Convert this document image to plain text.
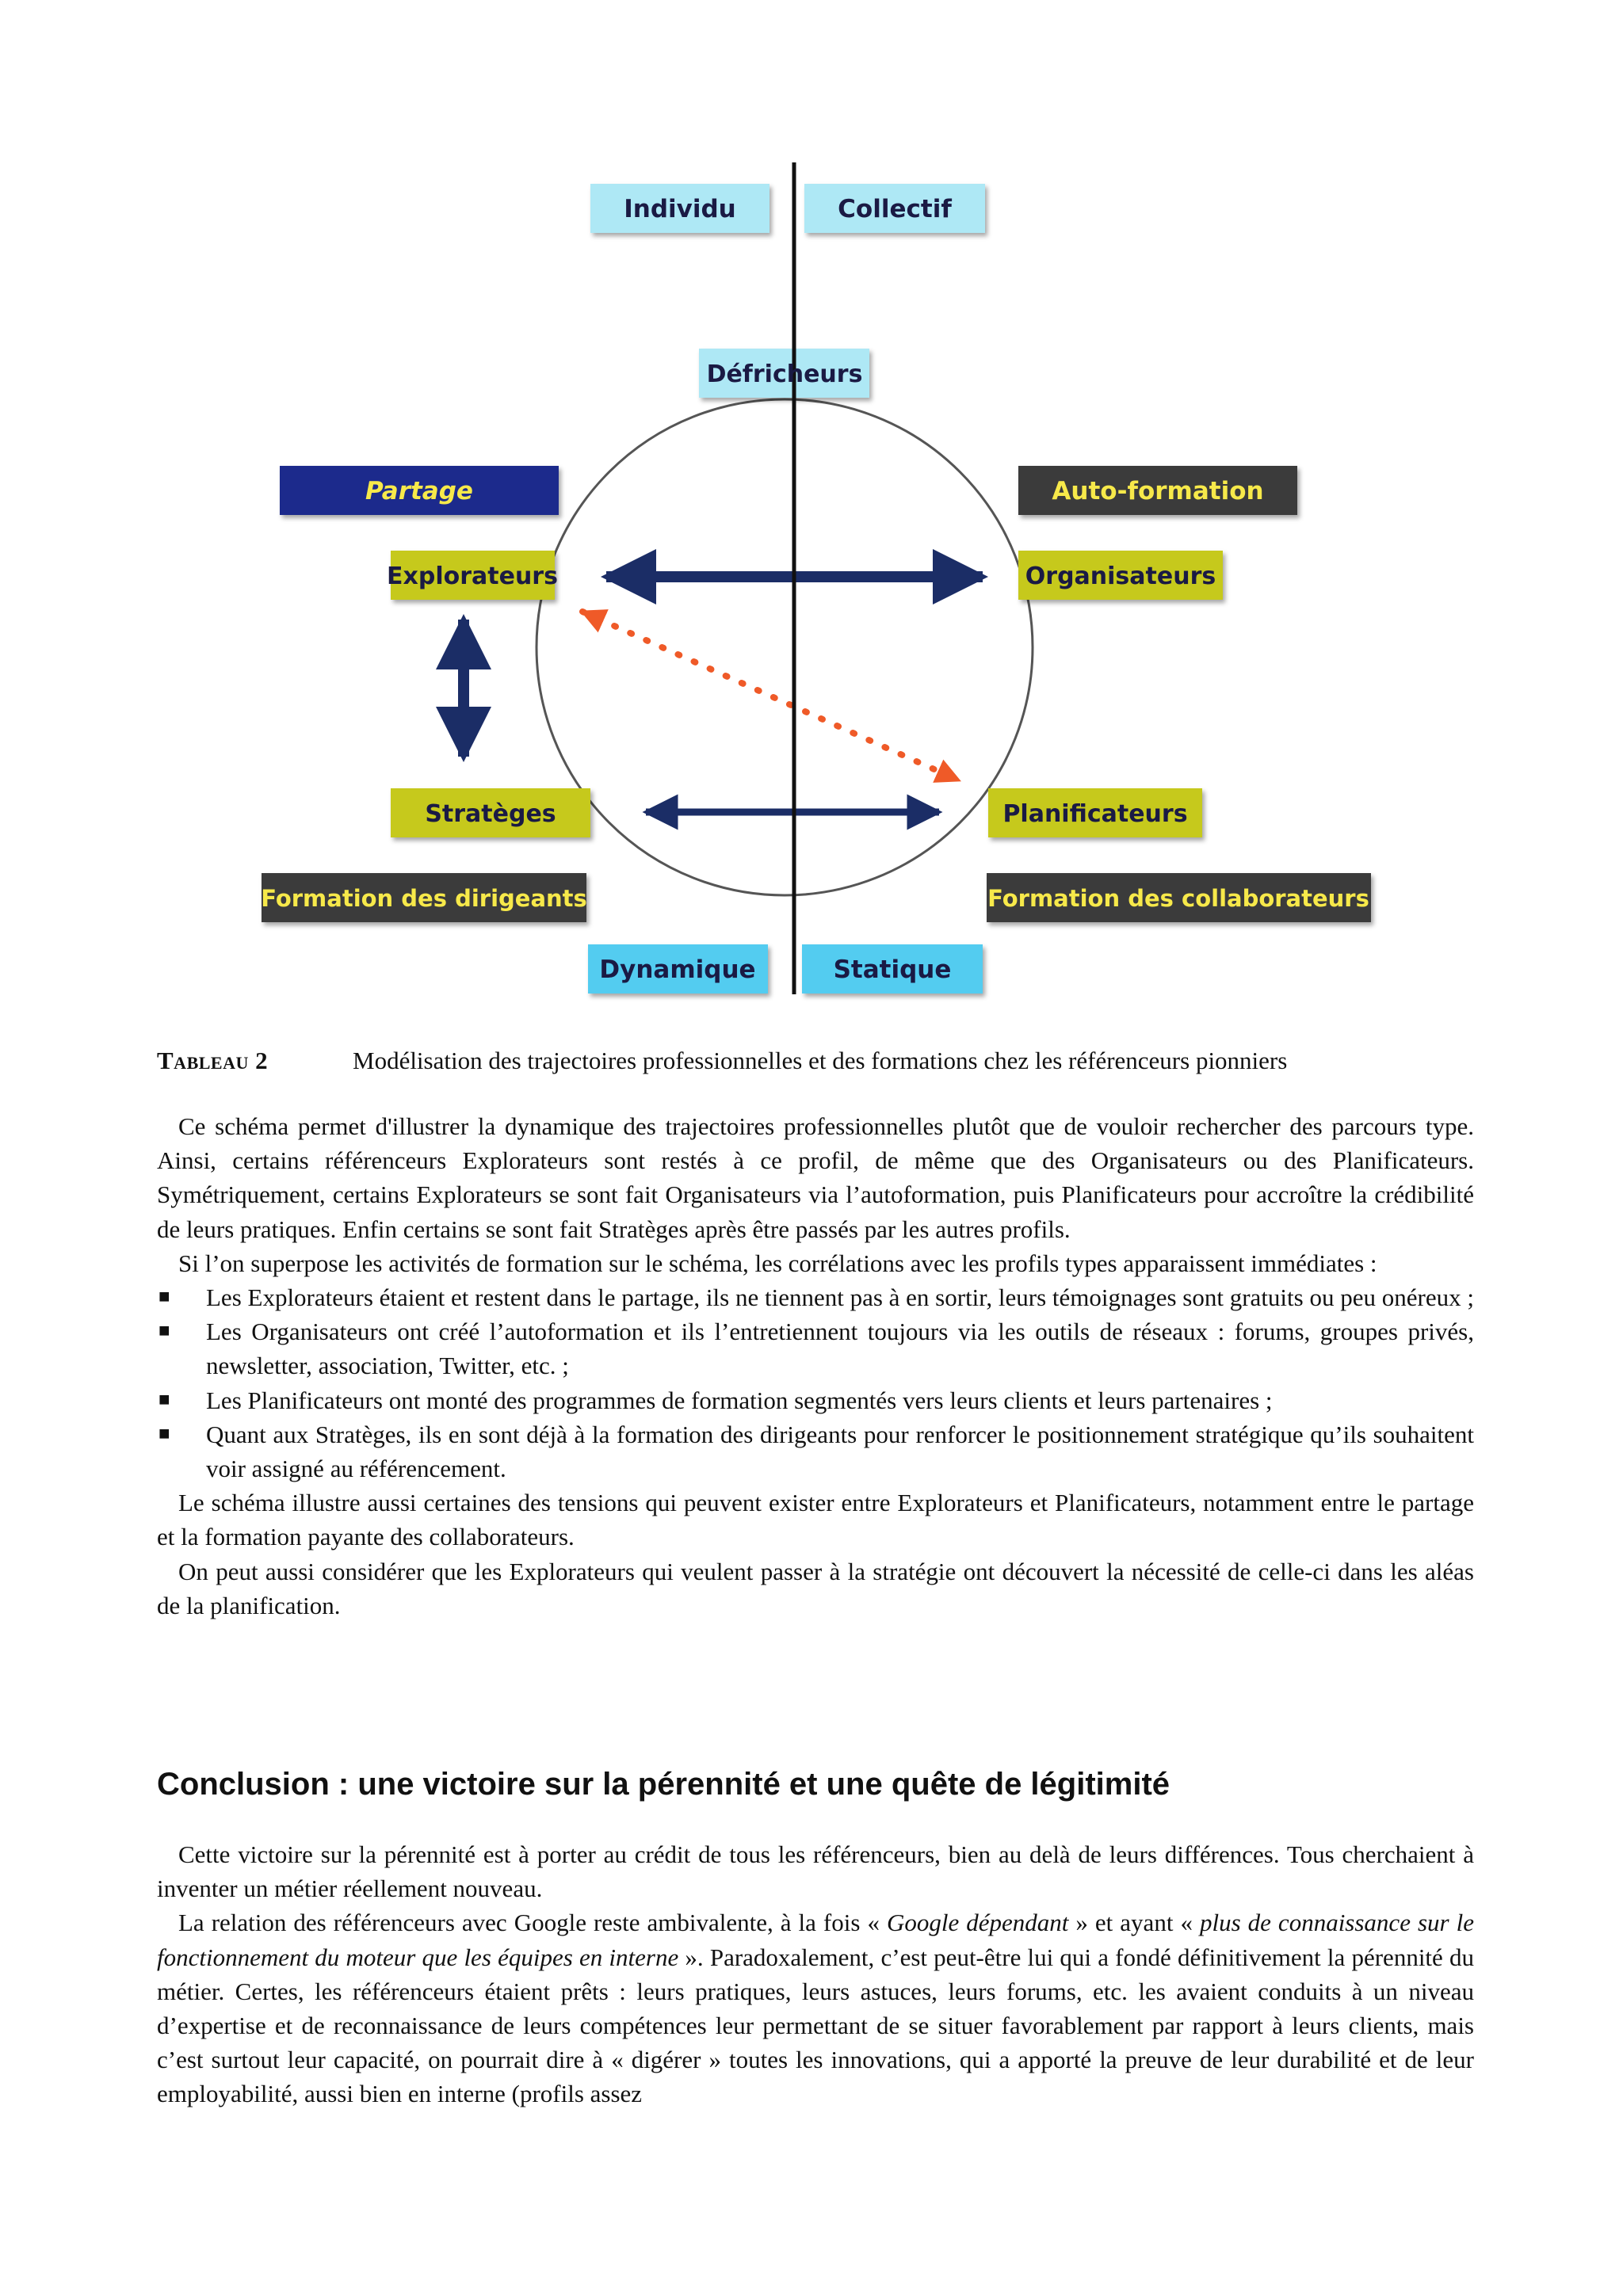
Individu	Collectif
Dynamique	Statique
Partage	Auto-formation
Formation des dirigeants	Formation des collaborateurs
Explorateurs	Organisateurs
Stratèges	Planificateurs
Défricheurs
Tableau 2	Modélisation des trajectoires professionnelles et des formations chez les référenceurs pionniers

Ce schéma permet d'illustrer la dynamique des trajectoires professionnelles plutôt que de vouloir rechercher des parcours type. Ainsi, certains référenceurs Explorateurs sont restés à ce profil, de même que des Organisateurs ou des Planificateurs. Symétriquement, certains Explorateurs se sont fait Organisateurs via l’autoformation, puis Planificateurs pour accroître la crédibilité de leurs pratiques. Enfin certains se sont fait Stratèges après être passés par les autres profils.

Si l’on superpose les activités de formation sur le schéma, les corrélations avec les profils types apparaissent immédiates :

■ Les Explorateurs étaient et restent dans le partage, ils ne tiennent pas à en sortir, leurs témoignages sont gratuits ou peu onéreux ;
■ Les Organisateurs ont créé l’autoformation et ils l’entretiennent toujours via les outils de réseaux : forums, groupes privés, newsletter, association, Twitter, etc. ;
■ Les Planificateurs ont monté des programmes de formation segmentés vers leurs clients et leurs partenaires ;
■ Quant aux Stratèges, ils en sont déjà à la formation des dirigeants pour renforcer le positionnement stratégique qu’ils souhaitent voir assigné au référencement.

Le schéma illustre aussi certaines des tensions qui peuvent exister entre Explorateurs et Planificateurs, notamment entre le partage et la formation payante des collaborateurs.

On peut aussi considérer que les Explorateurs qui veulent passer à la stratégie ont découvert la nécessité de celle-ci dans les aléas de la planification.

Conclusion : une victoire sur la pérennité et une quête de légitimité

Cette victoire sur la pérennité est à porter au crédit de tous les référenceurs, bien au delà de leurs différences. Tous cherchaient à inventer un métier réellement nouveau.

La relation des référenceurs avec Google reste ambivalente, à la fois « Google dépendant » et ayant « plus de connaissance sur le fonctionnement du moteur que les équipes en interne ». Paradoxalement, c’est peut-être lui qui a fondé définitivement la pérennité du métier. Certes, les référenceurs étaient prêts : leurs pratiques, leurs astuces, leurs forums, etc. les avaient conduits à un niveau d’expertise et de reconnaissance de leurs compétences leur permettant de se situer favorablement par rapport à leurs clients, mais c’est surtout leur capacité, on pourrait dire à « digérer » toutes les innovations, qui a apporté la preuve de leur durabilité et de leur employabilité, aussi bien en interne (profils assez
